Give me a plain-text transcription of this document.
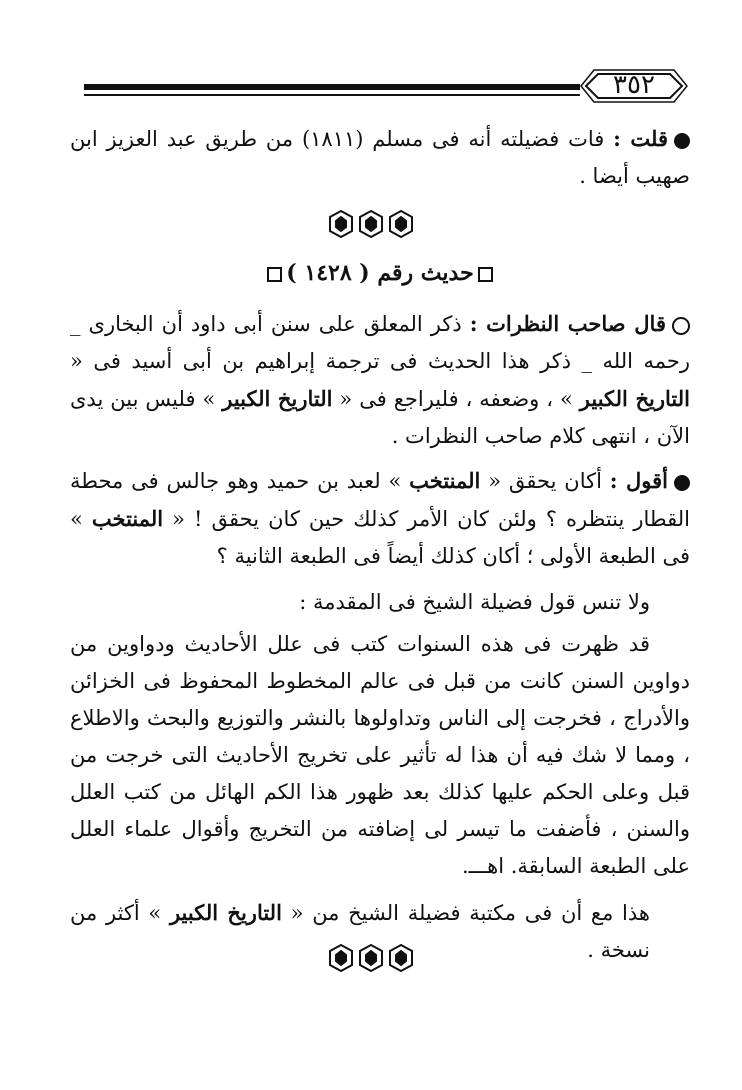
٣٥٢

قلت : فات فضيلته أنه فى مسلم (١٨١١) من طريق عبد العزيز ابن صهيب أيضا .

حديث رقم ( ١٤٢٨ )

قال صاحب النظرات : ذكر المعلق على سنن أبى داود أن البخارى _ رحمه الله _ ذكر هذا الحديث فى ترجمة إبراهيم بن أبى أسيد فى « التاريخ الكبير » ، وضعفه ، فليراجع فى « التاريخ الكبير » فليس بين يدى الآن ، انتهى كلام صاحب النظرات .

أقول : أكان يحقق « المنتخب » لعبد بن حميد وهو جالس فى محطة القطار ينتظره ؟ ولئن كان الأمر كذلك حين كان يحقق ! « المنتخب » فى الطبعة الأولى ؛ أكان كذلك أيضاً فى الطبعة الثانية ؟

ولا تنس قول فضيلة الشيخ فى المقدمة :

قد ظهرت فى هذه السنوات كتب فى علل الأحاديث ودواوين من دواوين السنن كانت من قبل فى عالم المخطوط المحفوظ فى الخزائن والأدراج ، فخرجت إلى الناس وتداولوها بالنشر والتوزيع والبحث والاطلاع ، ومما لا شك فيه أن هذا له تأثير على تخريج الأحاديث التى خرجت من قبل وعلى الحكم عليها كذلك بعد ظهور هذا الكم الهائل من كتب العلل والسنن ، فأضفت ما تيسر لى إضافته من التخريج وأقوال علماء العلل على الطبعة السابقة. اهـــ.

هذا مع أن فى مكتبة فضيلة الشيخ من « التاريخ الكبير » أكثر من نسخة .
